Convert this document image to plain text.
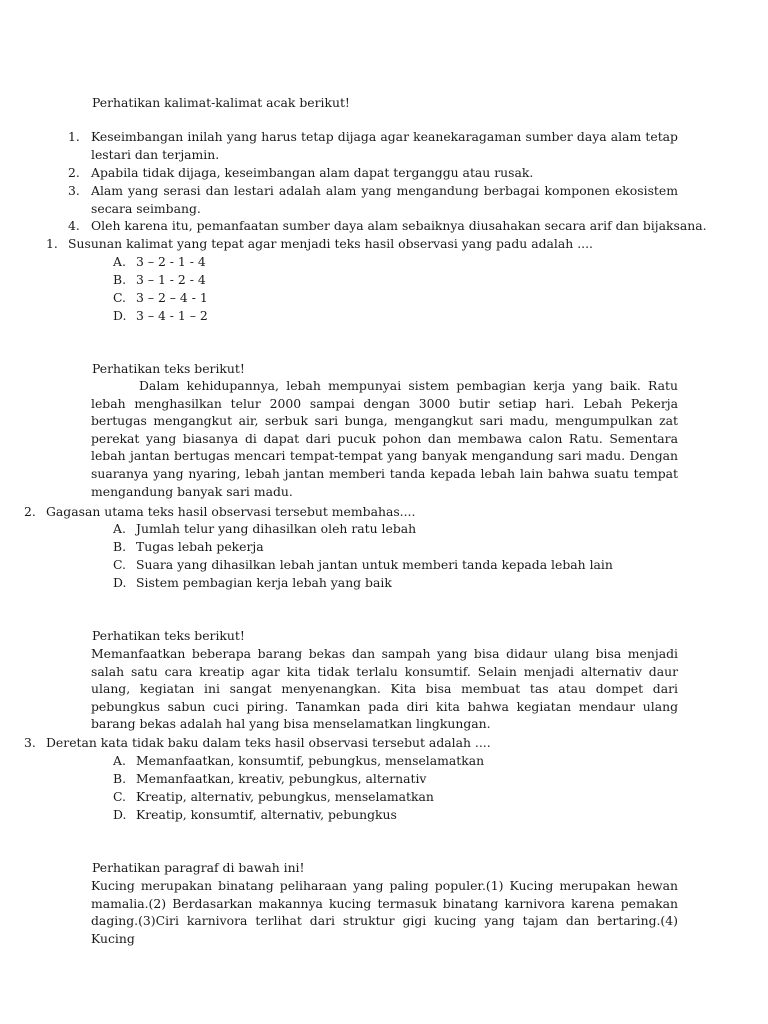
Perhatikan kalimat-kalimat acak berikut!
1. Keseimbangan inilah yang harus tetap dijaga agar keanekaragaman sumber daya alam tetap lestari dan terjamin.
2. Apabila tidak dijaga, keseimbangan alam dapat terganggu atau rusak.
3. Alam yang serasi dan lestari adalah alam yang mengandung berbagai komponen ekosistem secara seimbang.
4. Oleh karena itu, pemanfaatan sumber daya alam sebaiknya diusahakan secara arif dan bijaksana.
1. Susunan kalimat yang tepat agar menjadi teks hasil observasi yang padu adalah ....
A. 3 – 2 - 1 - 4
B. 3 – 1 - 2 - 4
C. 3 – 2 – 4 - 1
D. 3 – 4 - 1 – 2
Perhatikan teks berikut!
Dalam kehidupannya, lebah mempunyai sistem pembagian kerja yang baik. Ratu lebah menghasilkan telur 2000 sampai dengan 3000 butir setiap hari. Lebah Pekerja bertugas mengangkut air, serbuk sari bunga, mengangkut sari madu, mengumpulkan zat perekat yang biasanya di dapat dari pucuk pohon dan membawa calon Ratu. Sementara lebah jantan bertugas mencari tempat-tempat yang banyak mengandung sari madu. Dengan suaranya yang nyaring, lebah jantan memberi tanda kepada lebah lain bahwa suatu tempat mengandung banyak sari madu.
2. Gagasan utama teks hasil observasi tersebut membahas....
A. Jumlah telur yang dihasilkan oleh ratu lebah
B. Tugas lebah pekerja
C. Suara yang dihasilkan lebah jantan untuk memberi tanda kepada lebah lain
D. Sistem pembagian kerja lebah yang baik
Perhatikan teks berikut!
Memanfaatkan beberapa barang bekas dan sampah yang bisa didaur ulang bisa menjadi salah satu cara kreatip agar kita tidak terlalu konsumtif. Selain menjadi alternativ daur ulang, kegiatan ini sangat menyenangkan. Kita bisa membuat tas atau dompet dari pebungkus sabun cuci piring. Tanamkan pada diri kita bahwa kegiatan mendaur ulang barang bekas adalah hal yang bisa menselamatkan lingkungan.
3. Deretan kata tidak baku dalam teks hasil observasi tersebut adalah ....
A. Memanfaatkan, konsumtif, pebungkus, menselamatkan
B. Memanfaatkan, kreativ, pebungkus, alternativ
C. Kreatip, alternativ, pebungkus, menselamatkan
D. Kreatip, konsumtif, alternativ, pebungkus
Perhatikan paragraf di bawah ini!
Kucing merupakan binatang peliharaan yang paling populer.(1) Kucing merupakan hewan mamalia.(2) Berdasarkan makannya kucing termasuk binatang karnivora karena pemakan daging.(3)Ciri karnivora terlihat dari struktur gigi kucing yang tajam dan bertaring.(4) Kucing
